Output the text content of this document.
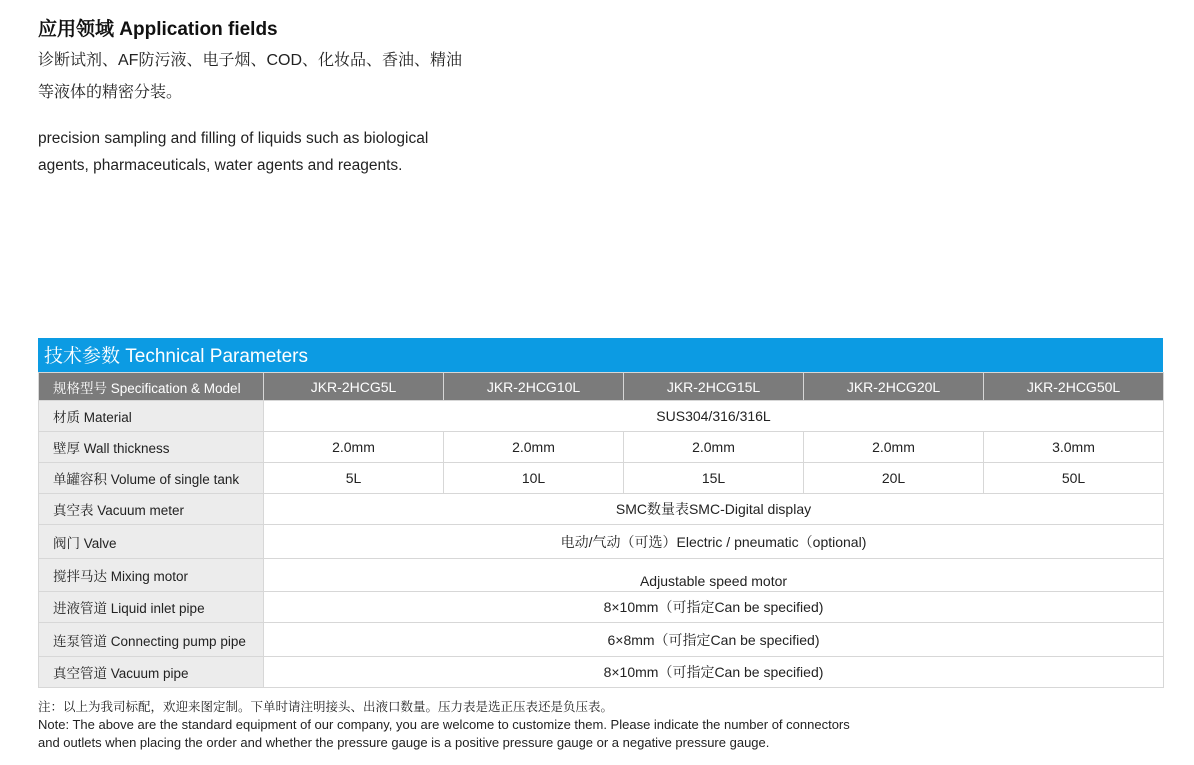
应用领域 Application fields
诊断试剂、AF防污液、电子烟、COD、化妆品、香油、精油
等液体的精密分装。
precision sampling and filling of liquids such as biological
agents, pharmaceuticals, water agents and reagents.
技术参数 Technical Parameters
规格型号 Specification & Model	JKR-2HCG5L	JKR-2HCG10L	JKR-2HCG15L	JKR-2HCG20L	JKR-2HCG50L
材质 Material	SUS304/316/316L				
壁厚 Wall thickness	2.0mm	2.0mm	2.0mm	2.0mm	3.0mm
单罐容积 Volume of single tank	5L	10L	15L	20L	50L
真空表 Vacuum meter	SMC数量表SMC-Digital display				
阀门 Valve	电动/气动（可选）Electric / pneumatic（optional)				
搅拌马达 Mixing motor	Adjustable speed motor				
进液管道 Liquid inlet pipe	8×10mm（可指定Can be specified)				
连泵管道 Connecting pump pipe	6×8mm（可指定Can be specified)				
真空管道 Vacuum pipe	8×10mm（可指定Can be specified)				
注：以上为我司标配，欢迎来图定制。下单时请注明接头、出液口数量。压力表是选正压表还是负压表。
Note: The above are the standard equipment of our company, you are welcome to customize them. Please indicate the number of connectors
and outlets when placing the order and whether the pressure gauge is a positive pressure gauge or a negative pressure gauge.
